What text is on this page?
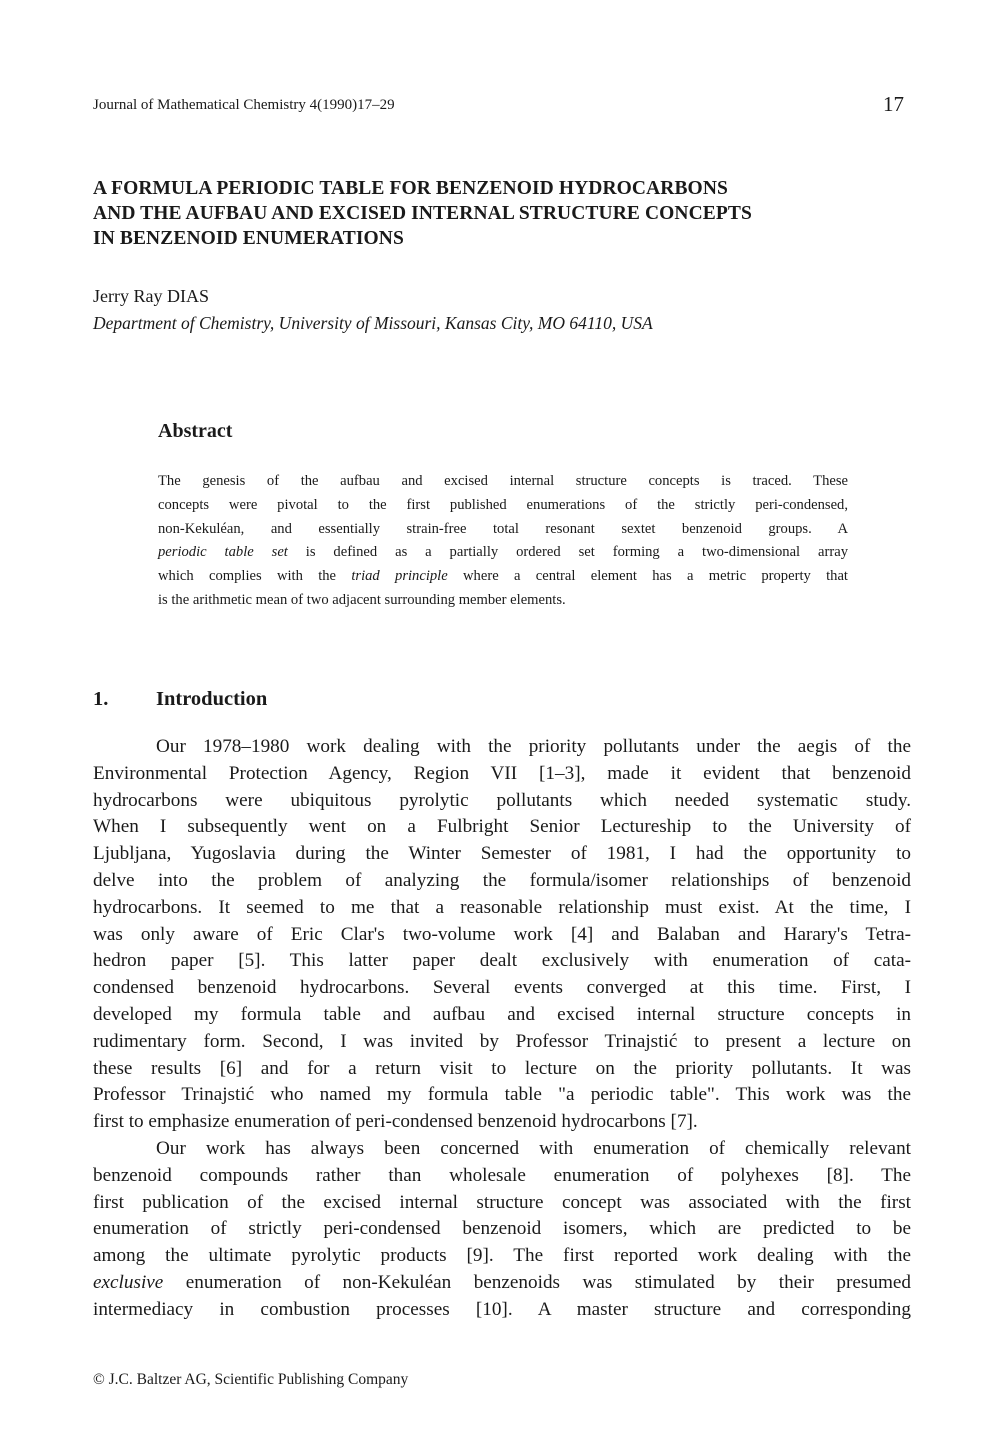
Journal of Mathematical Chemistry 4(1990)17–29	17
A FORMULA PERIODIC TABLE FOR BENZENOID HYDROCARBONS
AND THE AUFBAU AND EXCISED INTERNAL STRUCTURE CONCEPTS
IN BENZENOID ENUMERATIONS
Jerry Ray DIAS
Department of Chemistry, University of Missouri, Kansas City, MO 64110, USA
Abstract
The genesis of the aufbau and excised internal structure concepts is traced. These
concepts were pivotal to the first published enumerations of the strictly peri-condensed,
non-Kekuléan, and essentially strain-free total resonant sextet benzenoid groups. A
periodic table set is defined as a partially ordered set forming a two-dimensional array
which complies with the triad principle where a central element has a metric property that
is the arithmetic mean of two adjacent surrounding member elements.
1. Introduction
Our 1978–1980 work dealing with the priority pollutants under the aegis of the
Environmental Protection Agency, Region VII [1–3], made it evident that benzenoid
hydrocarbons were ubiquitous pyrolytic pollutants which needed systematic study.
When I subsequently went on a Fulbright Senior Lectureship to the University of
Ljubljana, Yugoslavia during the Winter Semester of 1981, I had the opportunity to
delve into the problem of analyzing the formula/isomer relationships of benzenoid
hydrocarbons. It seemed to me that a reasonable relationship must exist. At the time, I
was only aware of Eric Clar's two-volume work [4] and Balaban and Harary's Tetra-
hedron paper [5]. This latter paper dealt exclusively with enumeration of cata-
condensed benzenoid hydrocarbons. Several events converged at this time. First, I
developed my formula table and aufbau and excised internal structure concepts in
rudimentary form. Second, I was invited by Professor Trinajstić to present a lecture on
these results [6] and for a return visit to lecture on the priority pollutants. It was
Professor Trinajstić who named my formula table "a periodic table". This work was the
first to emphasize enumeration of peri-condensed benzenoid hydrocarbons [7].
Our work has always been concerned with enumeration of chemically relevant
benzenoid compounds rather than wholesale enumeration of polyhexes [8]. The
first publication of the excised internal structure concept was associated with the first
enumeration of strictly peri-condensed benzenoid isomers, which are predicted to be
among the ultimate pyrolytic products [9]. The first reported work dealing with the
exclusive enumeration of non-Kekuléan benzenoids was stimulated by their presumed
intermediacy in combustion processes [10]. A master structure and corresponding
© J.C. Baltzer AG, Scientific Publishing Company
